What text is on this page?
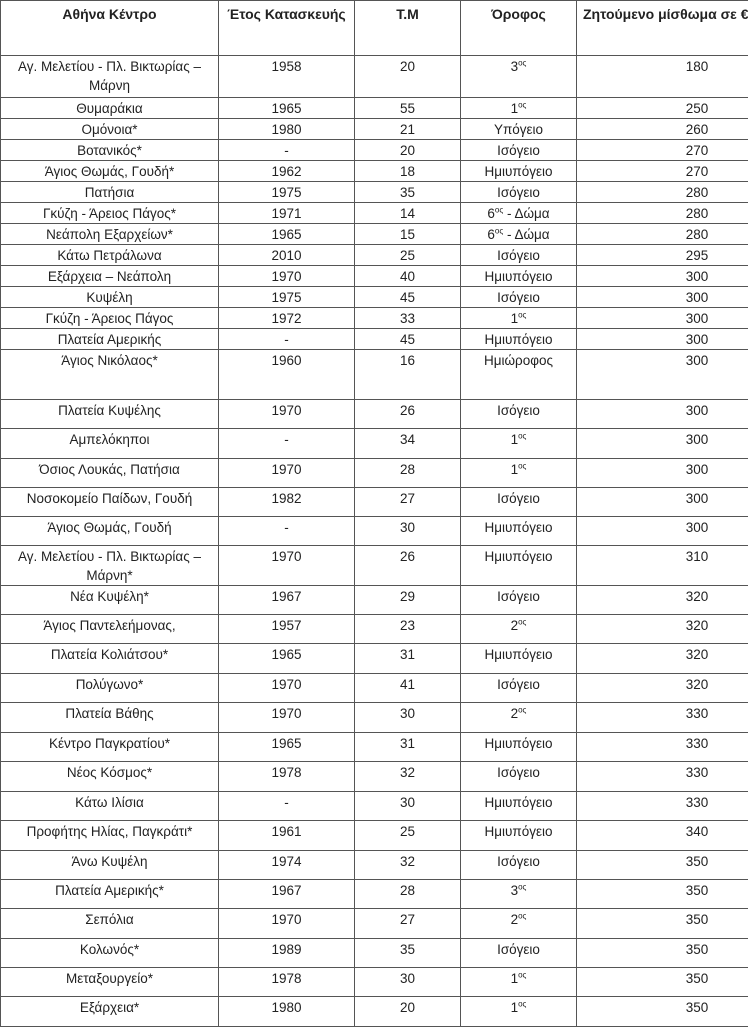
Αθήνα Κέντρο	Έτος Κατασκευής	Τ.Μ	Όροφος	Ζητούμενο μίσθωμα σε €
Αγ. Μελετίου - Πλ. Βικτωρίας – Μάρνη	1958	20	$3^{o\varsigma}$	180
Θυμαράκια	1965	55	$1^{o\varsigma}$	250
Ομόνοια*	1980	21	Υπόγειο	260
Βοτανικός*	-	20	Ισόγειο	270
Άγιος Θωμάς, Γουδή*	1962	18	Ημιυπόγειο	270
Πατήσια	1975	35	Ισόγειο	280
Γκύζη - Άρειος Πάγος*	1971	14	$6^{o\varsigma}$ - Δώμα	280
Νεάπολη Εξαρχείων*	1965	15	$6^{o\varsigma}$ - Δώμα	280
Κάτω Πετράλωνα	2010	25	Ισόγειο	295
Εξάρχεια – Νεάπολη	1970	40	Ημιυπόγειο	300
Κυψέλη	1975	45	Ισόγειο	300
Γκύζη - Άρειος Πάγος	1972	33	$1^{o\varsigma}$	300
Πλατεία Αμερικής	-	45	Ημιυπόγειο	300
Άγιος Νικόλαος*	1960	16	Ημιώροφος	300
Πλατεία Κυψέλης	1970	26	Ισόγειο	300
Αμπελόκηποι	-	34	$1^{o\varsigma}$	300
Όσιος Λουκάς, Πατήσια	1970	28	$1^{o\varsigma}$	300
Νοσοκομείο Παίδων, Γουδή	1982	27	Ισόγειο	300
Άγιος Θωμάς, Γουδή	-	30	Ημιυπόγειο	300
Αγ. Μελετίου - Πλ. Βικτωρίας – Μάρνη*	1970	26	Ημιυπόγειο	310
Νέα Κυψέλη*	1967	29	Ισόγειο	320
Άγιος Παντελεήμονας,	1957	23	$2^{o\varsigma}$	320
Πλατεία Κολιάτσου*	1965	31	Ημιυπόγειο	320
Πολύγωνο*	1970	41	Ισόγειο	320
Πλατεία Βάθης	1970	30	$2^{o\varsigma}$	330
Κέντρο Παγκρατίου*	1965	31	Ημιυπόγειο	330
Νέος Κόσμος*	1978	32	Ισόγειο	330
Κάτω Ιλίσια	-	30	Ημιυπόγειο	330
Προφήτης Ηλίας, Παγκράτι*	1961	25	Ημιυπόγειο	340
Άνω Κυψέλη	1974	32	Ισόγειο	350
Πλατεία Αμερικής*	1967	28	$3^{o\varsigma}$	350
Σεπόλια	1970	27	$2^{o\varsigma}$	350
Κολωνός*	1989	35	Ισόγειο	350
Μεταξουργείο*	1978	30	$1^{o\varsigma}$	350
Εξάρχεια*	1980	20	$1^{o\varsigma}$	350
